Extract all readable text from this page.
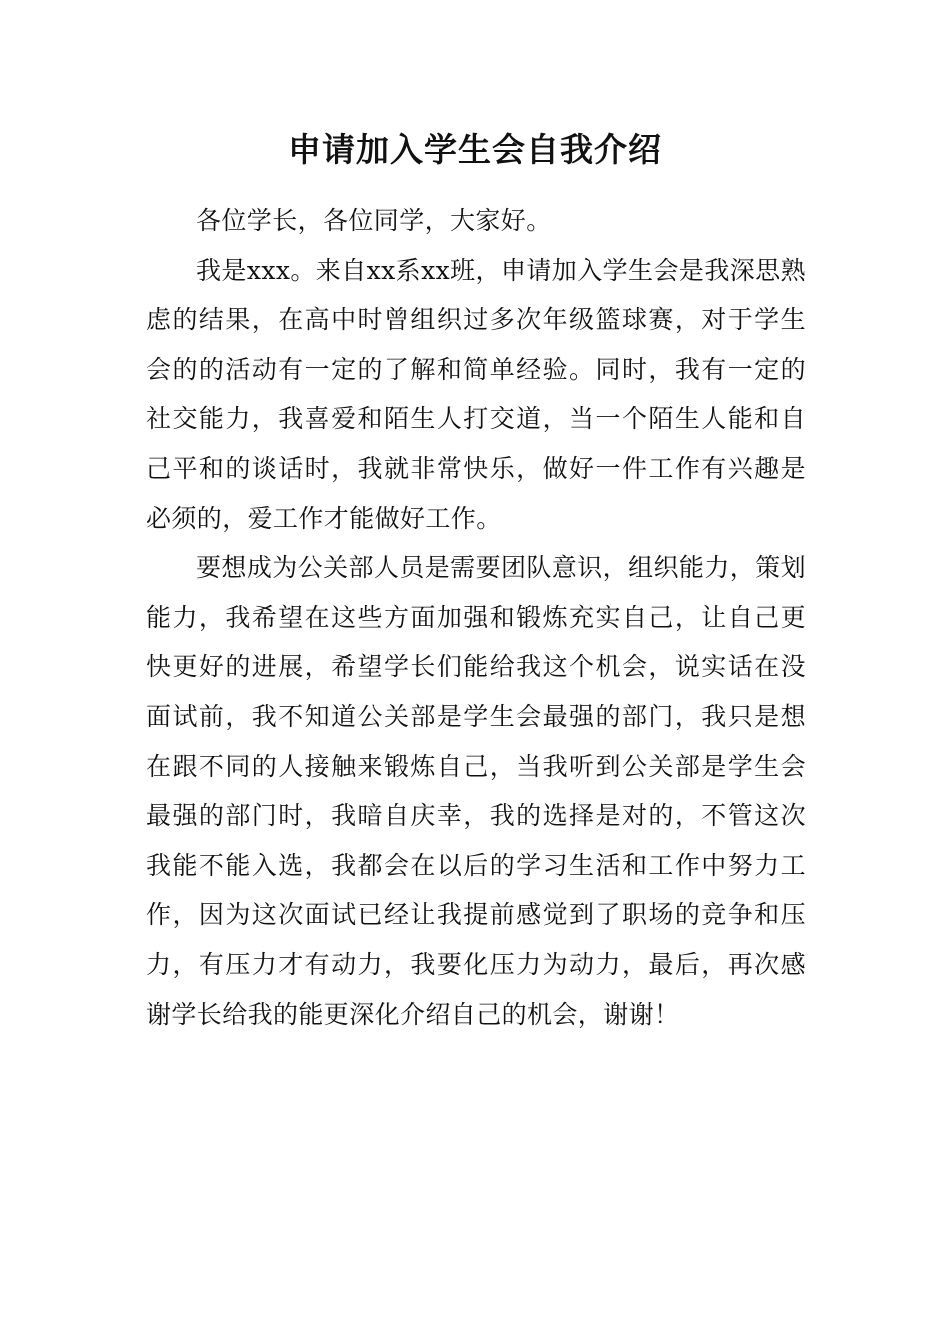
申请加入学生会自我介绍

各位学长，各位同学，大家好。

我是xxx。来自xx系xx班，申请加入学生会是我深思熟虑的结果，在高中时曾组织过多次年级篮球赛，对于学生会的的活动有一定的了解和简单经验。同时，我有一定的社交能力，我喜爱和陌生人打交道，当一个陌生人能和自己平和的谈话时，我就非常快乐，做好一件工作有兴趣是必须的，爱工作才能做好工作。

要想成为公关部人员是需要团队意识，组织能力，策划能力，我希望在这些方面加强和锻炼充实自己，让自己更快更好的进展，希望学长们能给我这个机会，说实话在没面试前，我不知道公关部是学生会最强的部门，我只是想在跟不同的人接触来锻炼自己，当我听到公关部是学生会最强的部门时，我暗自庆幸，我的选择是对的，不管这次我能不能入选，我都会在以后的学习生活和工作中努力工作，因为这次面试已经让我提前感觉到了职场的竞争和压力，有压力才有动力，我要化压力为动力，最后，再次感谢学长给我的能更深化介绍自己的机会，谢谢！
